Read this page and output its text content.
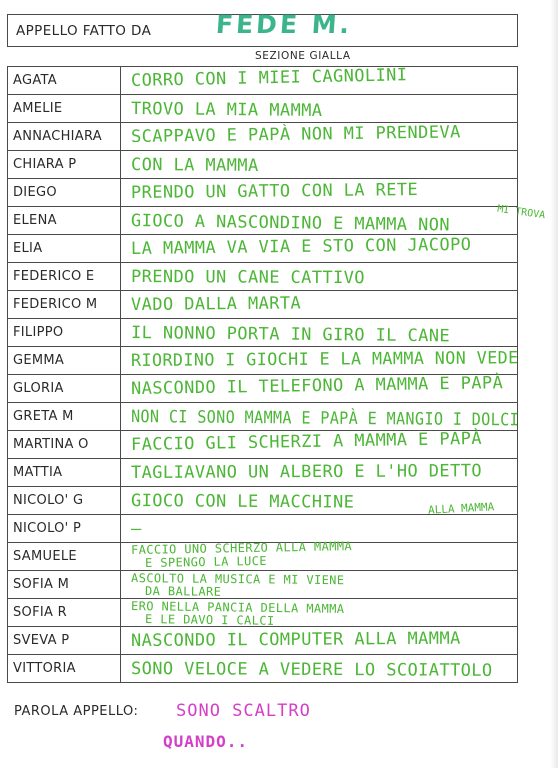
APPELLO FATTO DA	FEDE M.
SEZIONE GIALLA
AGATA	CORRO CON I MIEI CAGNOLINI

AMELIE	TROVO LA MIA MAMMA

ANNACHIARA	SCAPPAVO E PAPÀ NON MI PRENDEVA

CHIARA P	CON LA MAMMA

DIEGO	PRENDO UN GATTO CON LA RETE

ELENA	GIOCO A NASCONDINO E MAMMA NON

ELIA	LA MAMMA VA VIA E STO CON JACOPO

FEDERICO E	PRENDO UN CANE CATTIVO

FEDERICO M	VADO DALLA MARTA

FILIPPO	IL NONNO PORTA IN GIRO IL CANE

GEMMA	RIORDINO I GIOCHI E LA MAMMA NON VEDE

GLORIA	NASCONDO IL TELEFONO A MAMMA E PAPÀ

GRETA M	NON CI SONO MAMMA E PAPÀ E MANGIO I DOLCI

MARTINA O	FACCIO GLI SCHERZI A MAMMA E PAPÀ

MATTIA	TAGLIAVANO UN ALBERO E L'HO DETTO

NICOLO' G	GIOCO CON LE MACCHINE

NICOLO' P	—

SAMUELE	FACCIO UNO SCHERZO ALLA MAMMA
E SPENGO LA LUCE

SOFIA M	ASCOLTO LA MUSICA E MI VIENE
DA BALLARE

SOFIA R	ERO NELLA PANCIA DELLA MAMMA
E LE DAVO I CALCI

SVEVA P	NASCONDO IL COMPUTER ALLA MAMMA

VITTORIA	SONO VELOCE A VEDERE LO SCOIATTOLO
MI TROVA
ALLA MAMMA
PAROLA APPELLO: SONO SCALTRO
QUANDO..
